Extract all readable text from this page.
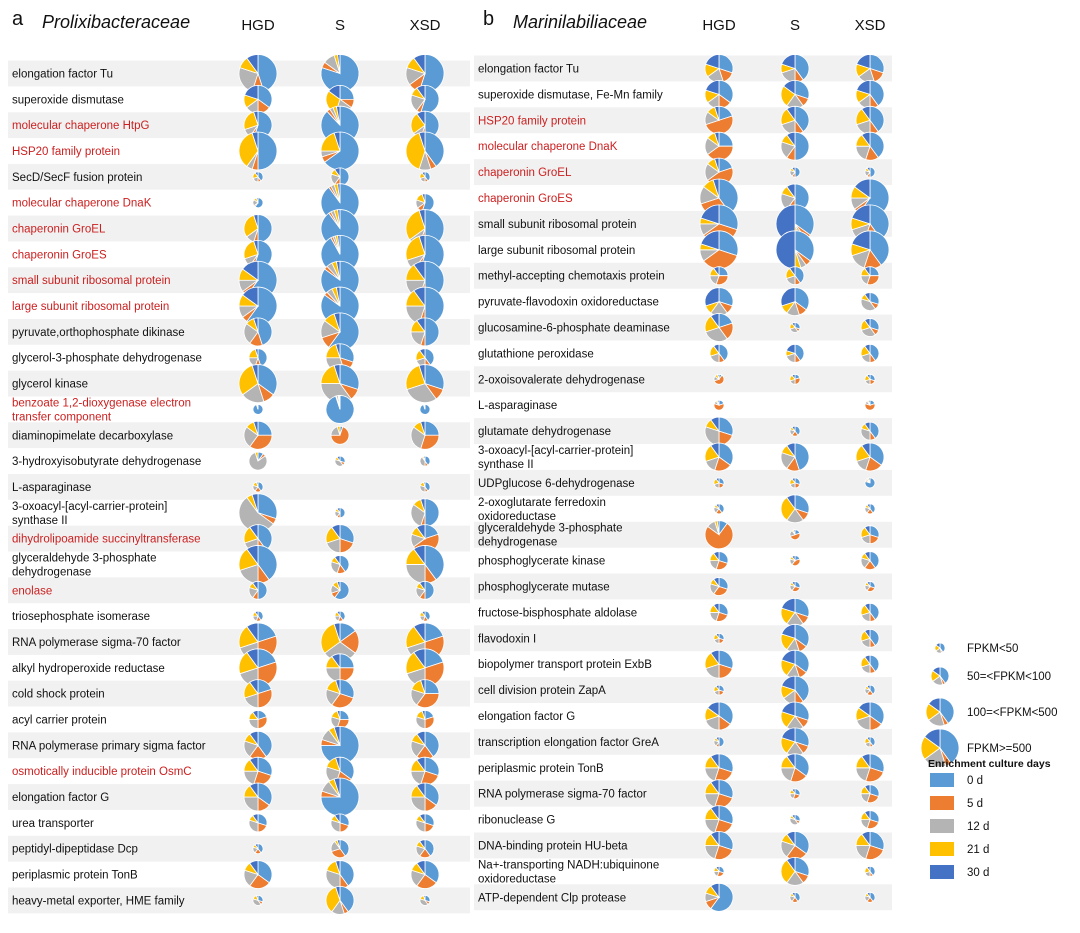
a Prolixibacteraceae	HGD	S	XSD b Marinilabiliaceae	HGD	S	XSD
elongation factor Tu
superoxide dismutase
molecular chaperone HtpG
HSP20 family protein
SecD/SecF fusion protein
molecular chaperone DnaK
chaperonin GroEL
chaperonin GroES
small subunit ribosomal protein
large subunit ribosomal protein
pyruvate,orthophosphate dikinase
glycerol-3-phosphate dehydrogenase
glycerol kinase
benzoate 1,2-dioxygenase electron transfer component
diaminopimelate decarboxylase
3-hydroxyisobutyrate dehydrogenase
L-asparaginase
3-oxoacyl-[acyl-carrier-protein] synthase II
dihydrolipoamide succinyltransferase
glyceraldehyde 3-phosphate dehydrogenase
enolase
triosephosphate isomerase
RNA polymerase sigma-70 factor
alkyl hydroperoxide reductase
cold shock protein
acyl carrier protein
RNA polymerase primary sigma factor
osmotically inducible protein OsmC
elongation factor G
urea transporter
peptidyl-dipeptidase Dcp
periplasmic protein TonB
heavy-metal exporter, HME family
elongation factor Tu
superoxide dismutase, Fe-Mn family
HSP20 family protein
molecular chaperone DnaK
chaperonin GroEL
chaperonin GroES
small subunit ribosomal protein
large subunit ribosomal protein
methyl-accepting chemotaxis protein
pyruvate-flavodoxin oxidoreductase
glucosamine-6-phosphate deaminase
glutathione peroxidase
2-oxoisovalerate dehydrogenase
L-asparaginase
glutamate dehydrogenase
3-oxoacyl-[acyl-carrier-protein] synthase II
UDPglucose 6-dehydrogenase
2-oxoglutarate ferredoxin oxidoreductase
glyceraldehyde 3-phosphate dehydrogenase
phosphoglycerate kinase
phosphoglycerate mutase
fructose-bisphosphate aldolase
flavodoxin I
biopolymer transport protein ExbB
cell division protein ZapA
elongation factor G
transcription elongation factor GreA
periplasmic protein TonB
RNA polymerase sigma-70 factor
ribonuclease G
DNA-binding protein HU-beta
Na+-transporting NADH:ubiquinone oxidoreductase
ATP-dependent Clp protease
FPKM<50
50=<FPKM<100
100=<FPKM<500
FPKM>=500
Enrichment culture days
0 d
5 d
12 d
21 d
30 d
